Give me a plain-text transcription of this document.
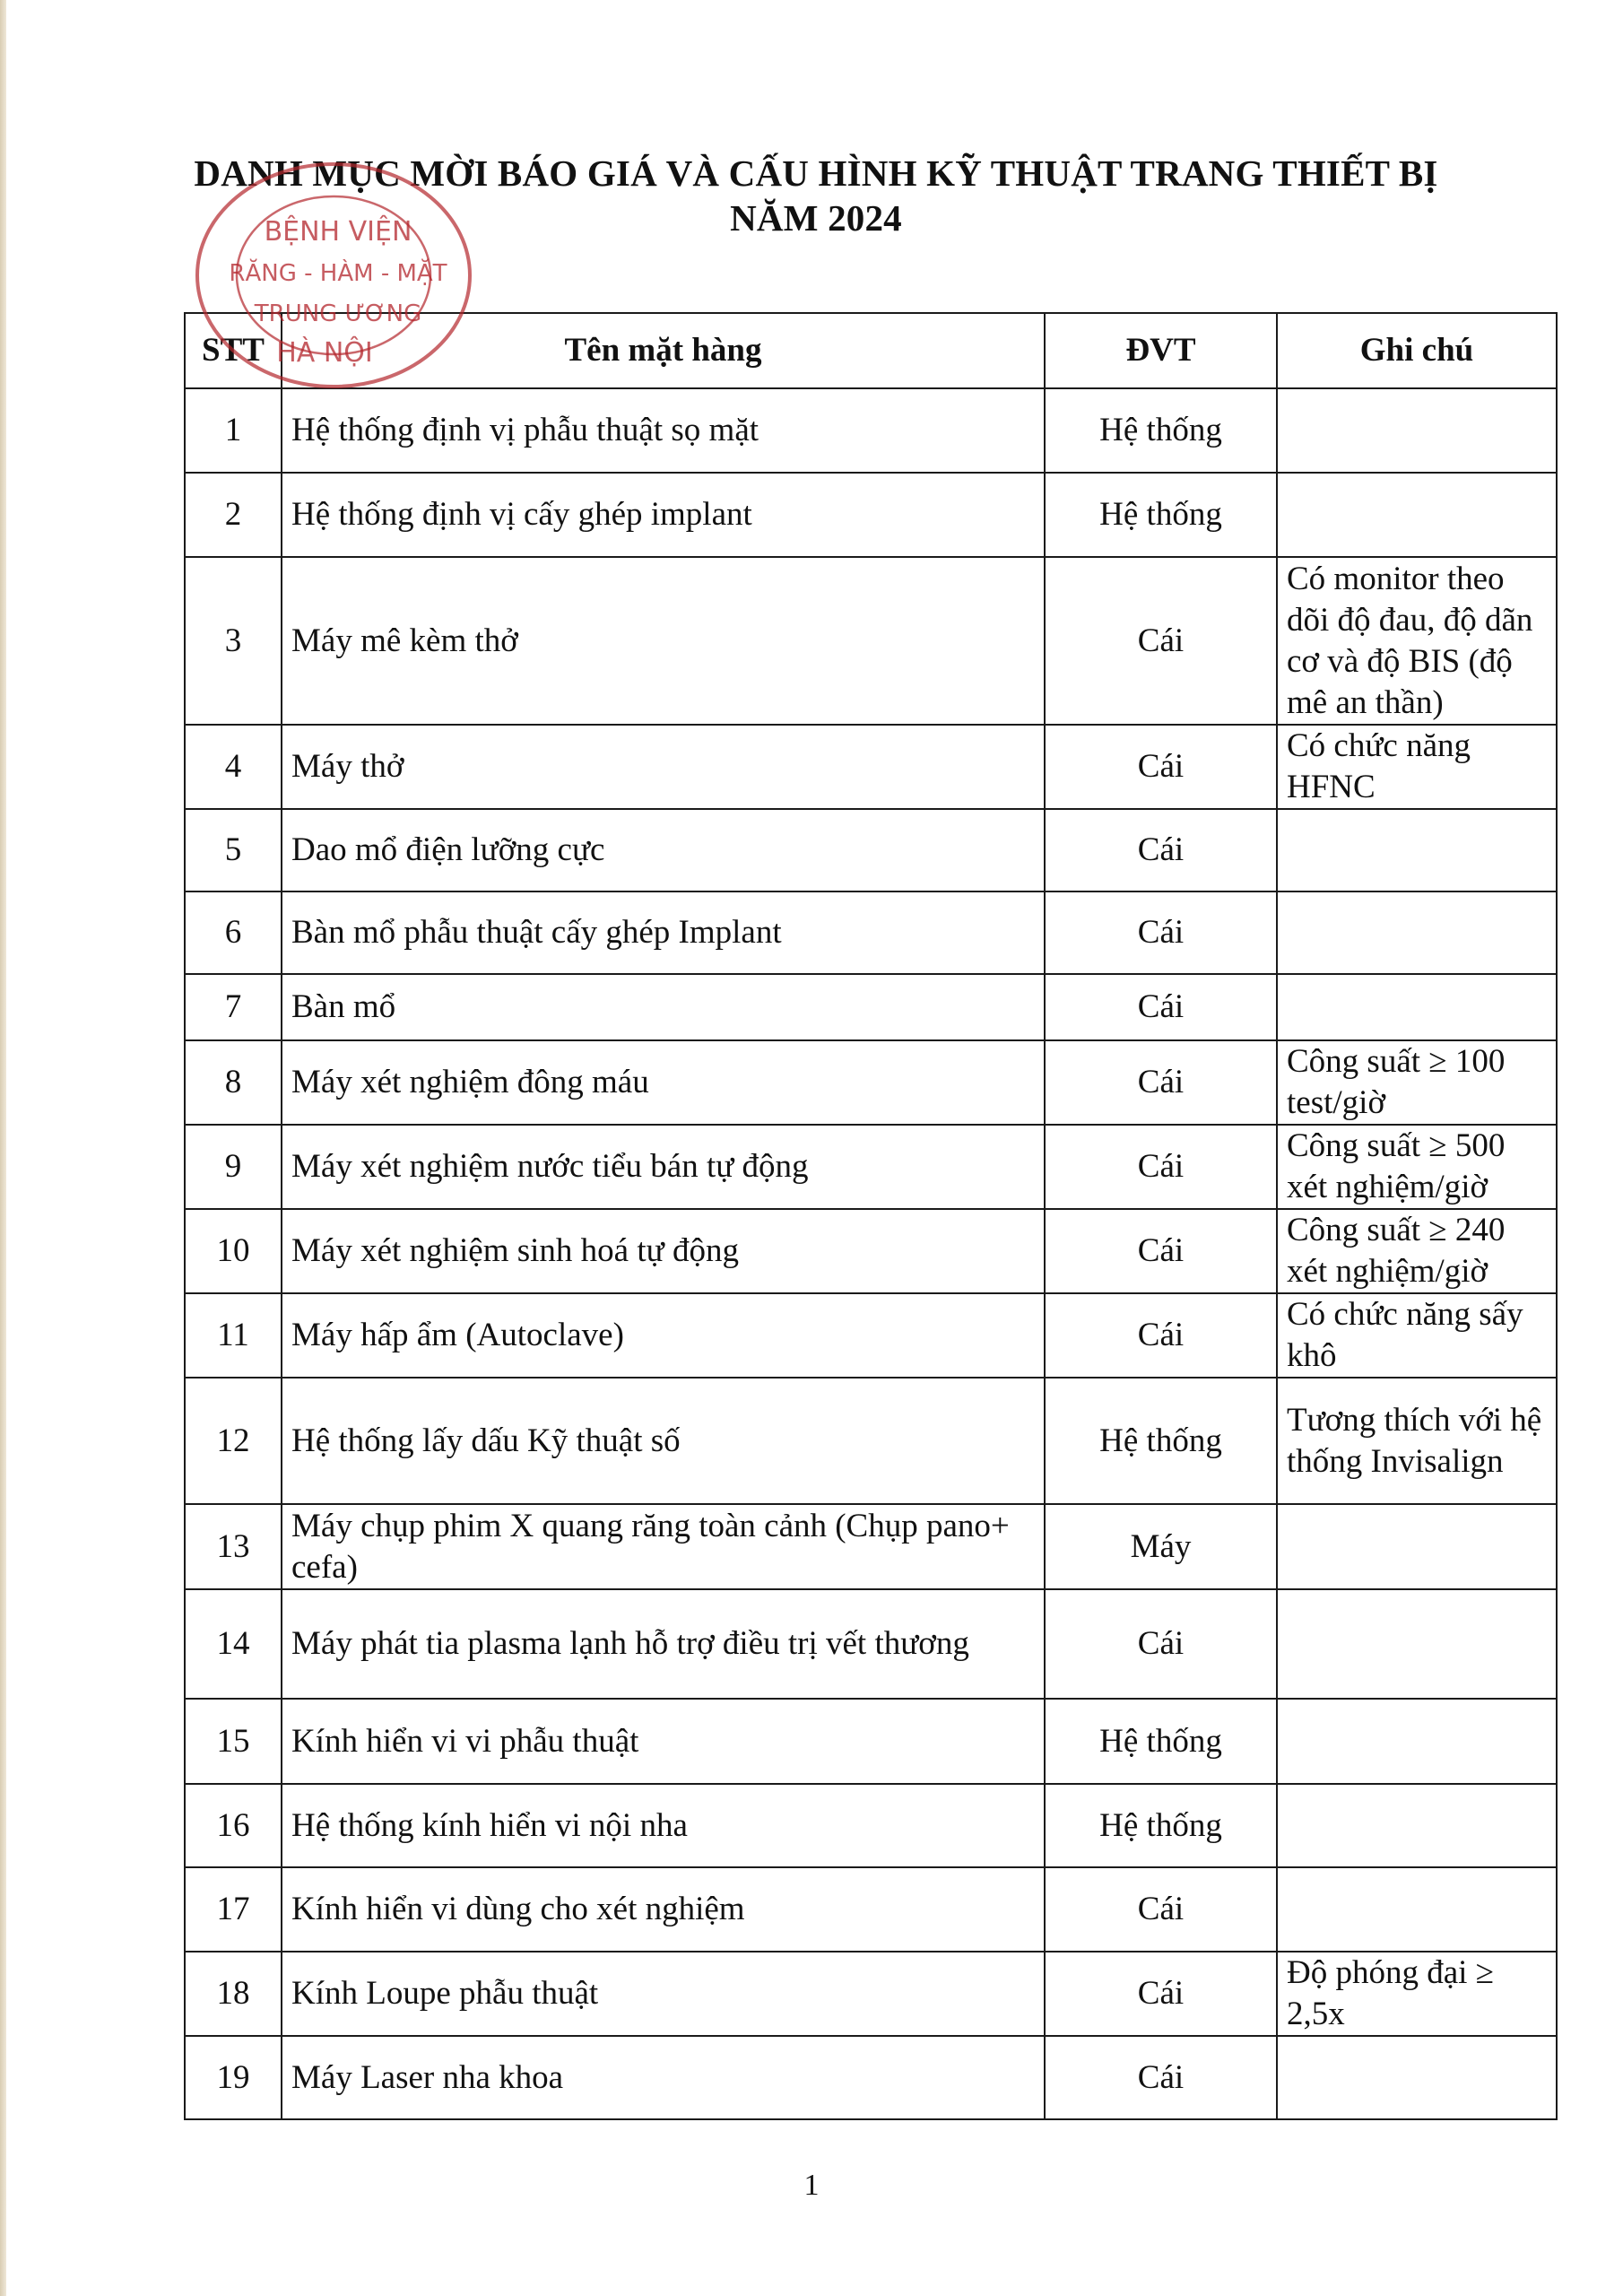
DANH MỤC MỜI BÁO GIÁ VÀ CẤU HÌNH KỸ THUẬT TRANG THIẾT BỊ
NĂM 2024
STT	Tên mặt hàng	ĐVT	Ghi chú
1	Hệ thống định vị phẫu thuật sọ mặt	Hệ thống	
2	Hệ thống định vị cấy ghép implant	Hệ thống	
3	Máy mê kèm thở	Cái	Có monitor theo dõi độ đau, độ dãn cơ và độ BIS (độ mê an thần)
4	Máy thở	Cái	Có chức năng HFNC
5	Dao mổ điện lưỡng cực	Cái	
6	Bàn mổ phẫu thuật cấy ghép Implant	Cái	
7	Bàn mổ	Cái	
8	Máy xét nghiệm đông máu	Cái	Công suất ≥ 100 test/giờ
9	Máy xét nghiệm nước tiểu bán tự động	Cái	Công suất ≥ 500 xét nghiệm/giờ
10	Máy xét nghiệm sinh hoá tự động	Cái	Công suất ≥ 240 xét nghiệm/giờ
11	Máy hấp ẩm (Autoclave)	Cái	Có chức năng sấy khô
12	Hệ thống lấy dấu Kỹ thuật số	Hệ thống	Tương thích với hệ thống Invisalign
13	Máy chụp phim X quang răng toàn cảnh (Chụp pano+ cefa)	Máy	
14	Máy phát tia plasma lạnh hỗ trợ điều trị vết thương	Cái	
15	Kính hiển vi vi phẫu thuật	Hệ thống	
16	Hệ thống kính hiển vi nội nha	Hệ thống	
17	Kính hiển vi dùng cho xét nghiệm	Cái	
18	Kính Loupe phẫu thuật	Cái	Độ phóng đại ≥ 2,5x
19	Máy Laser nha khoa	Cái	
BỆNH VIỆN
RĂNG - HÀM - MẶT
TRUNG ƯƠNG
HÀ NỘI
1
